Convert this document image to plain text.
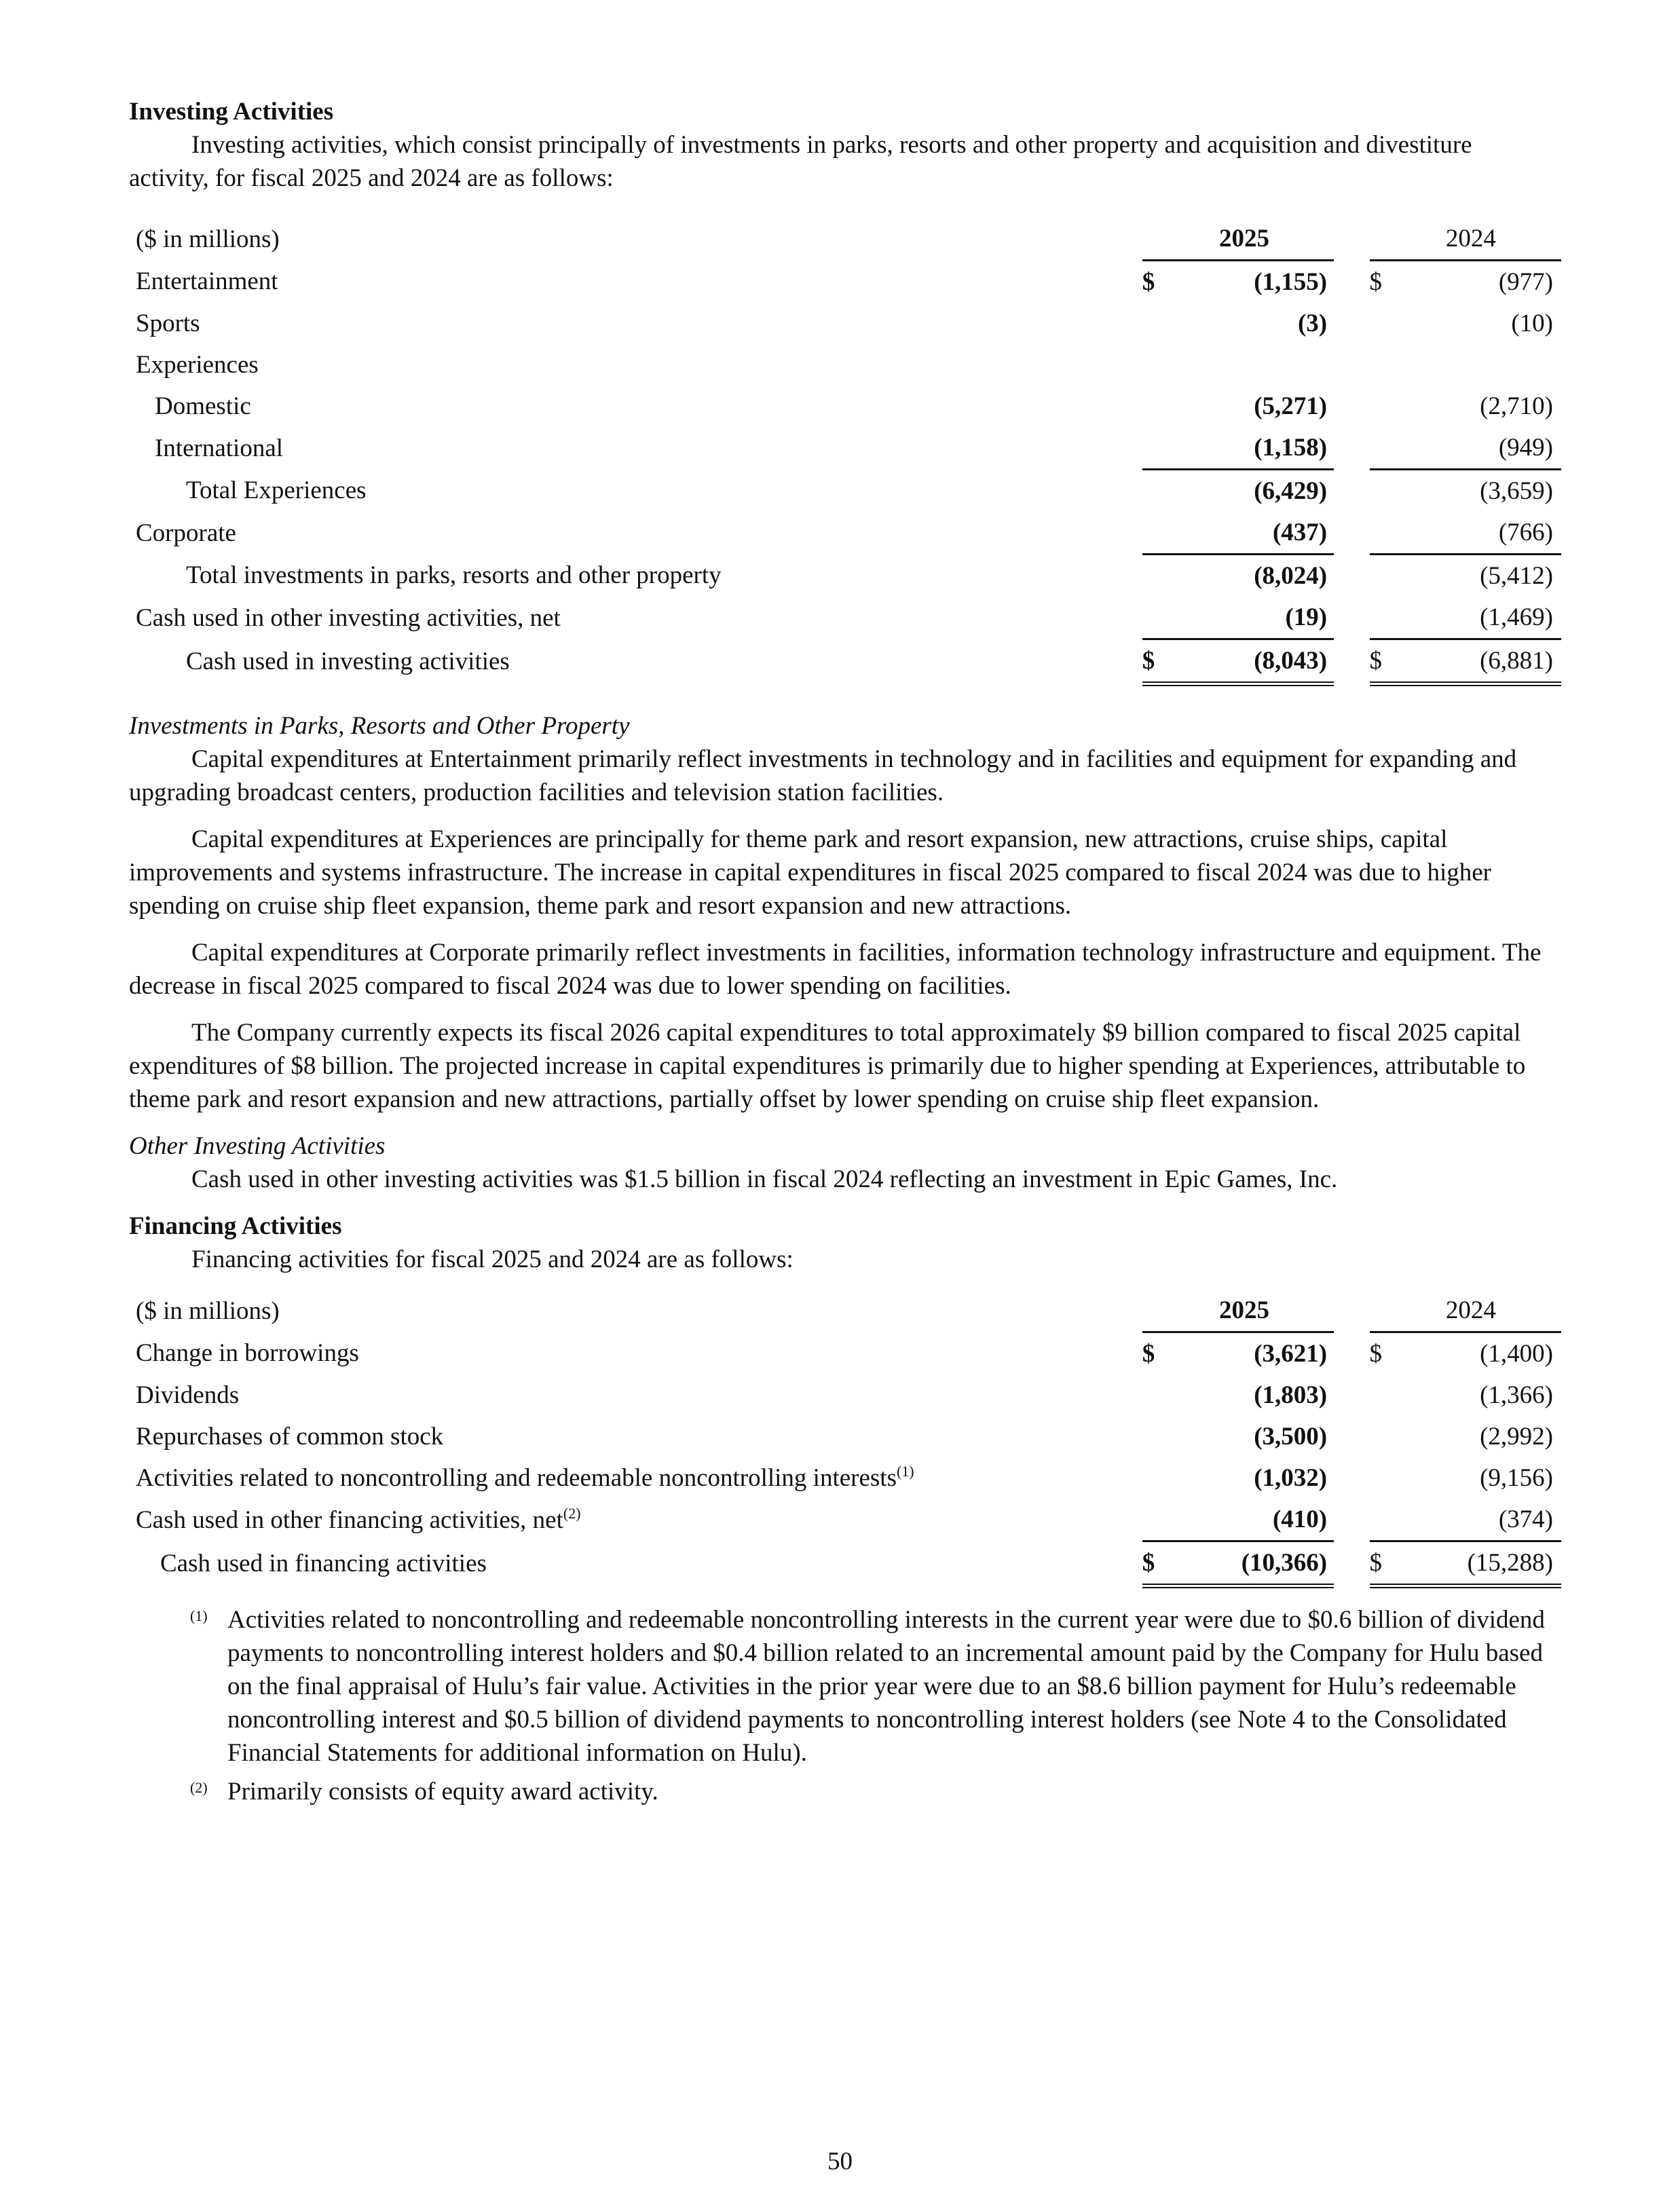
Investing Activities

Investing activities, which consist principally of investments in parks, resorts and other property and acquisition and divestiture activity, for fiscal 2025 and 2024 are as follows:

($ in millions)		2025			2024
Entertainment	$	(1,155)		$	(977)
Sports		(3)			(10)
Experiences					
Domestic		(5,271)			(2,710)
International		(1,158)			(949)
Total Experiences		(6,429)			(3,659)
Corporate		(437)			(766)
Total investments in parks, resorts and other property		(8,024)			(5,412)
Cash used in other investing activities, net		(19)			(1,469)
Cash used in investing activities	$	(8,043)		$	(6,881)
Investments in Parks, Resorts and Other Property

Capital expenditures at Entertainment primarily reflect investments in technology and in facilities and equipment for expanding and upgrading broadcast centers, production facilities and television station facilities.

Capital expenditures at Experiences are principally for theme park and resort expansion, new attractions, cruise ships, capital improvements and systems infrastructure. The increase in capital expenditures in fiscal 2025 compared to fiscal 2024 was due to higher spending on cruise ship fleet expansion, theme park and resort expansion and new attractions.

Capital expenditures at Corporate primarily reflect investments in facilities, information technology infrastructure and equipment. The decrease in fiscal 2025 compared to fiscal 2024 was due to lower spending on facilities.

The Company currently expects its fiscal 2026 capital expenditures to total approximately $9 billion compared to fiscal 2025 capital expenditures of $8 billion. The projected increase in capital expenditures is primarily due to higher spending at Experiences, attributable to theme park and resort expansion and new attractions, partially offset by lower spending on cruise ship fleet expansion.

Other Investing Activities

Cash used in other investing activities was $1.5 billion in fiscal 2024 reflecting an investment in Epic Games, Inc.

Financing Activities

Financing activities for fiscal 2025 and 2024 are as follows:

($ in millions)		2025			2024
Change in borrowings	$	(3,621)		$	(1,400)
Dividends		(1,803)			(1,366)
Repurchases of common stock		(3,500)			(2,992)
Activities related to noncontrolling and redeemable noncontrolling interests$^{(1)}$		(1,032)			(9,156)
Cash used in other financing activities, net$^{(2)}$		(410)			(374)
Cash used in financing activities	$	(10,366)		$	(15,288)
(1) Activities related to noncontrolling and redeemable noncontrolling interests in the current year were due to $0.6 billion of dividend payments to noncontrolling interest holders and $0.4 billion related to an incremental amount paid by the Company for Hulu based on the final appraisal of Hulu’s fair value. Activities in the prior year were due to an $8.6 billion payment for Hulu’s redeemable noncontrolling interest and $0.5 billion of dividend payments to noncontrolling interest holders (see Note 4 to the Consolidated Financial Statements for additional information on Hulu).
(2) Primarily consists of equity award activity.
50
